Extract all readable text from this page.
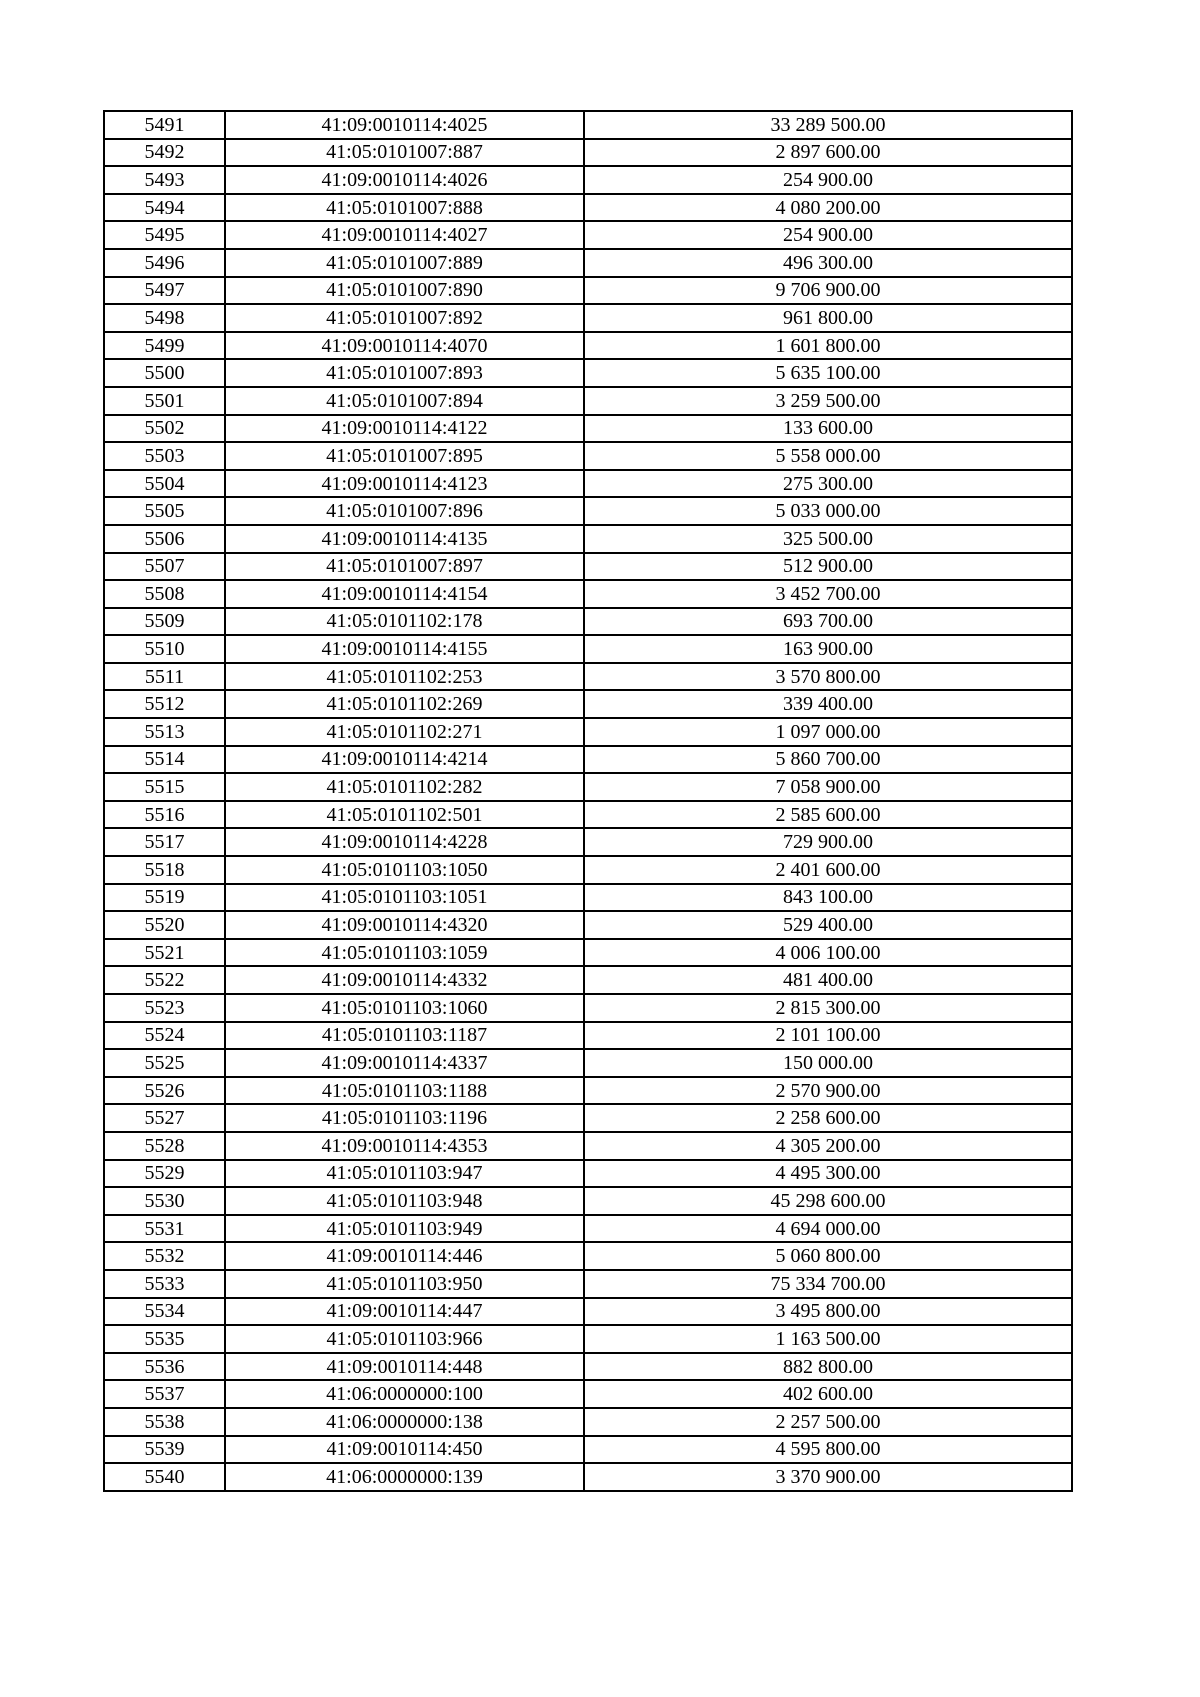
5491	41:09:0010114:4025	33 289 500.00
5492	41:05:0101007:887	2 897 600.00
5493	41:09:0010114:4026	254 900.00
5494	41:05:0101007:888	4 080 200.00
5495	41:09:0010114:4027	254 900.00
5496	41:05:0101007:889	496 300.00
5497	41:05:0101007:890	9 706 900.00
5498	41:05:0101007:892	961 800.00
5499	41:09:0010114:4070	1 601 800.00
5500	41:05:0101007:893	5 635 100.00
5501	41:05:0101007:894	3 259 500.00
5502	41:09:0010114:4122	133 600.00
5503	41:05:0101007:895	5 558 000.00
5504	41:09:0010114:4123	275 300.00
5505	41:05:0101007:896	5 033 000.00
5506	41:09:0010114:4135	325 500.00
5507	41:05:0101007:897	512 900.00
5508	41:09:0010114:4154	3 452 700.00
5509	41:05:0101102:178	693 700.00
5510	41:09:0010114:4155	163 900.00
5511	41:05:0101102:253	3 570 800.00
5512	41:05:0101102:269	339 400.00
5513	41:05:0101102:271	1 097 000.00
5514	41:09:0010114:4214	5 860 700.00
5515	41:05:0101102:282	7 058 900.00
5516	41:05:0101102:501	2 585 600.00
5517	41:09:0010114:4228	729 900.00
5518	41:05:0101103:1050	2 401 600.00
5519	41:05:0101103:1051	843 100.00
5520	41:09:0010114:4320	529 400.00
5521	41:05:0101103:1059	4 006 100.00
5522	41:09:0010114:4332	481 400.00
5523	41:05:0101103:1060	2 815 300.00
5524	41:05:0101103:1187	2 101 100.00
5525	41:09:0010114:4337	150 000.00
5526	41:05:0101103:1188	2 570 900.00
5527	41:05:0101103:1196	2 258 600.00
5528	41:09:0010114:4353	4 305 200.00
5529	41:05:0101103:947	4 495 300.00
5530	41:05:0101103:948	45 298 600.00
5531	41:05:0101103:949	4 694 000.00
5532	41:09:0010114:446	5 060 800.00
5533	41:05:0101103:950	75 334 700.00
5534	41:09:0010114:447	3 495 800.00
5535	41:05:0101103:966	1 163 500.00
5536	41:09:0010114:448	882 800.00
5537	41:06:0000000:100	402 600.00
5538	41:06:0000000:138	2 257 500.00
5539	41:09:0010114:450	4 595 800.00
5540	41:06:0000000:139	3 370 900.00
